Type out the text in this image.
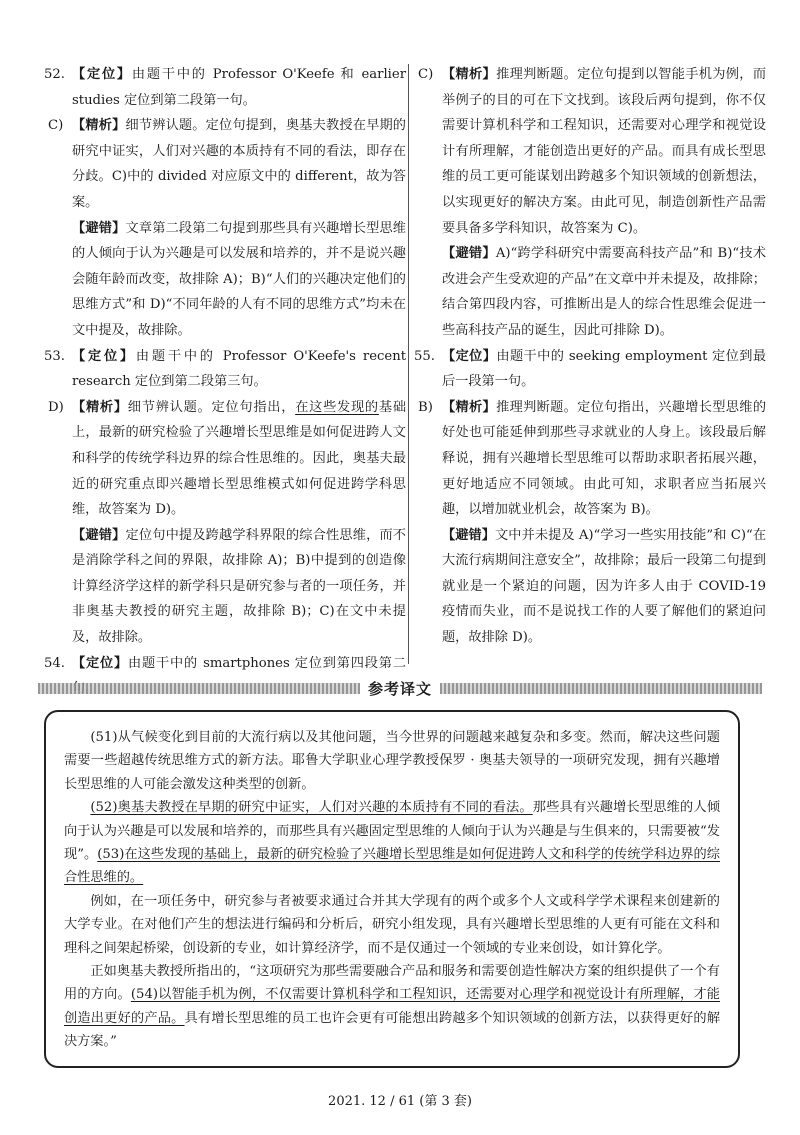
52. 【定位】由题干中的 Professor O'Keefe 和 earlier studies 定位到第二段第一句。
C) 【精析】细节辨认题。定位句提到，奥基夫教授在早期的研究中证实，人们对兴趣的本质持有不同的看法，即存在分歧。C)中的 divided 对应原文中的 different，故为答案。
【避错】文章第二段第二句提到那些具有兴趣增长型思维的人倾向于认为兴趣是可以发展和培养的，并不是说兴趣会随年龄而改变，故排除 A)；B)“人们的兴趣决定他们的思维方式”和 D)“不同年龄的人有不同的思维方式”均未在文中提及，故排除。
53. 【定位】由题干中的 Professor O'Keefe's recent research 定位到第二段第三句。
D) 【精析】细节辨认题。定位句指出，在这些发现的基础上，最新的研究检验了兴趣增长型思维是如何促进跨人文和科学的传统学科边界的综合性思维的。因此，奥基夫最近的研究重点即兴趣增长型思维模式如何促进跨学科思维，故答案为 D)。
【避错】定位句中提及跨越学科界限的综合性思维，而不是消除学科之间的界限，故排除 A)；B)中提到的创造像计算经济学这样的新学科只是研究参与者的一项任务，并非奥基夫教授的研究主题，故排除 B)；C)在文中未提及，故排除。
54. 【定位】由题干中的 smartphones 定位到第四段第二
C) 【精析】推理判断题。定位句提到以智能手机为例，而举例子的目的可在下文找到。该段后两句提到，你不仅需要计算机科学和工程知识，还需要对心理学和视觉设计有所理解，才能创造出更好的产品。而具有成长型思维的员工更可能谋划出跨越多个知识领域的创新想法，以实现更好的解决方案。由此可见，制造创新性产品需要具备多学科知识，故答案为 C)。
【避错】A)“跨学科研究中需要高科技产品”和 B)“技术改进会产生受欢迎的产品”在文章中并未提及，故排除；结合第四段内容，可推断出是人的综合性思维会促进一些高科技产品的诞生，因此可排除 D)。
55. 【定位】由题干中的 seeking employment 定位到最后一段第一句。
B) 【精析】推理判断题。定位句指出，兴趣增长型思维的好处也可能延伸到那些寻求就业的人身上。该段最后解释说，拥有兴趣增长型思维可以帮助求职者拓展兴趣，更好地适应不同领域。由此可知，求职者应当拓展兴趣，以增加就业机会，故答案为 B)。
【避错】文中并未提及 A)“学习一些实用技能”和 C)“在大流行病期间注意安全”，故排除；最后一段第二句提到就业是一个紧迫的问题，因为许多人由于 COVID-19 疫情而失业，而不是说找工作的人要了解他们的紧迫问题，故排除 D)。
参考译文

(51)从气候变化到目前的大流行病以及其他问题，当今世界的问题越来越复杂和多变。然而，解决这些问题需要一些超越传统思维方式的新方法。耶鲁大学职业心理学教授保罗 · 奥基夫领导的一项研究发现，拥有兴趣增长型思维的人可能会激发这种类型的创新。

(52)奥基夫教授在早期的研究中证实，人们对兴趣的本质持有不同的看法。那些具有兴趣增长型思维的人倾向于认为兴趣是可以发展和培养的，而那些具有兴趣固定型思维的人倾向于认为兴趣是与生俱来的，只需要被“发现”。(53)在这些发现的基础上，最新的研究检验了兴趣增长型思维是如何促进跨人文和科学的传统学科边界的综合性思维的。

例如，在一项任务中，研究参与者被要求通过合并其大学现有的两个或多个人文或科学学术课程来创建新的大学专业。在对他们产生的想法进行编码和分析后，研究小组发现，具有兴趣增长型思维的人更有可能在文科和理科之间架起桥梁，创设新的专业，如计算经济学，而不是仅通过一个领域的专业来创设，如计算化学。

正如奥基夫教授所指出的，“这项研究为那些需要融合产品和服务和需要创造性解决方案的组织提供了一个有用的方向。(54)以智能手机为例，不仅需要计算机科学和工程知识，还需要对心理学和视觉设计有所理解，才能创造出更好的产品。具有增长型思维的员工也许会更有可能想出跨越多个知识领域的创新方法，以获得更好的解决方案。”

2021. 12 / 61 (第 3 套)
